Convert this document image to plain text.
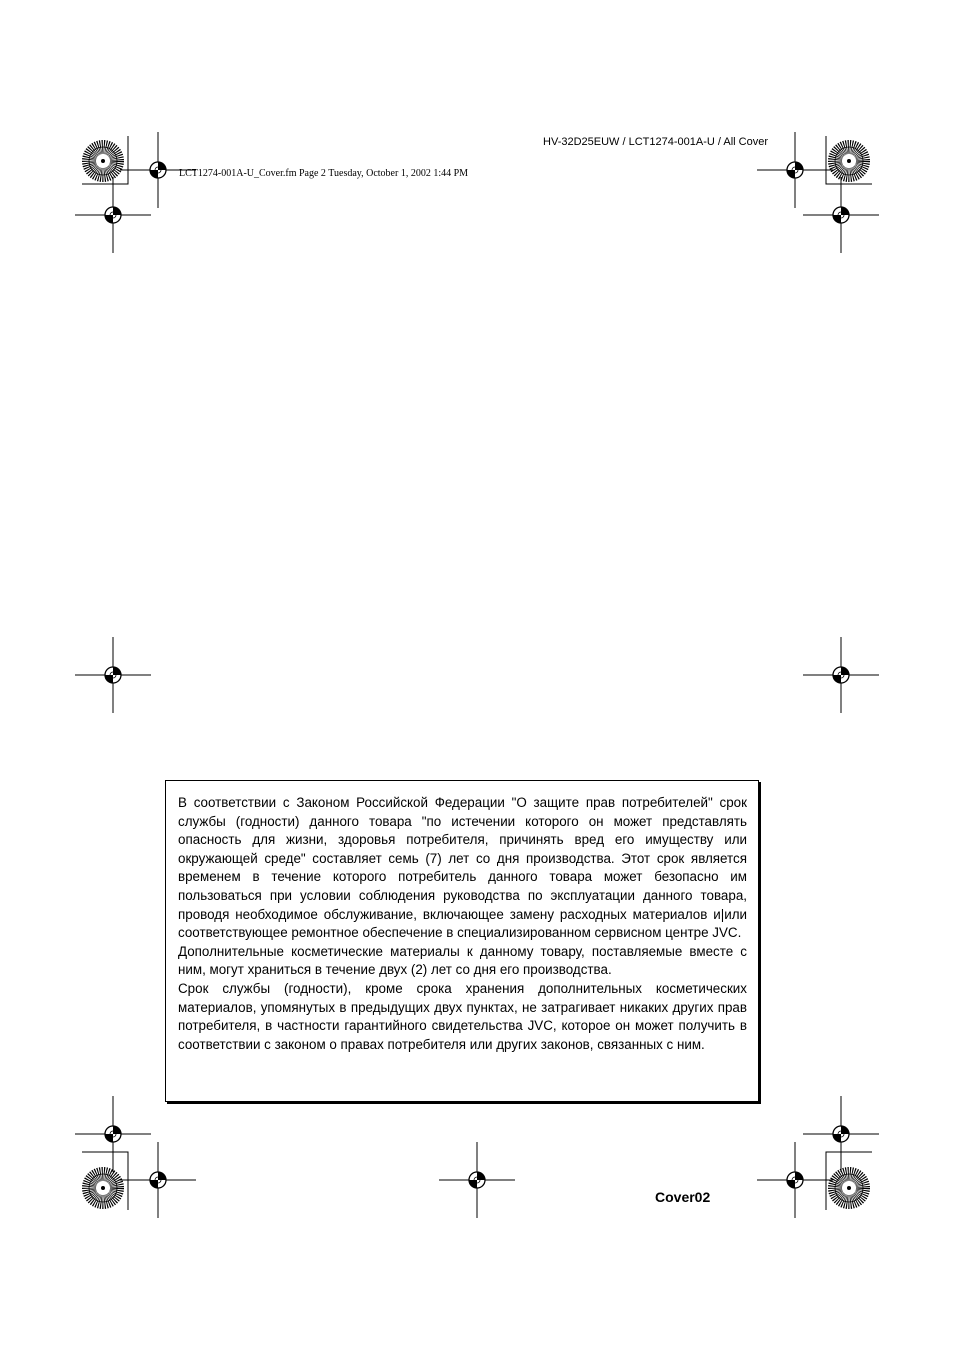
HV-32D25EUW / LCT1274-001A-U / All Cover
LCT1274-001A-U_Cover.fm Page 2 Tuesday, October 1, 2002 1:44 PM

В соответствии с Законом Российской Федерации "О защите прав потребителей" срок службы (годности) данного товара "по истечении которого он может представлять опасность для жизни, здоровья потребителя, причинять вред его имуществу или окружающей среде" составляет семь (7) лет со дня производства. Этот срок является временем в течение которого потребитель данного товара может безопасно им пользоваться при условии соблюдения руководства по эксплуатации данного товара, проводя необходимое обслуживание, включающее замену расходных материалов и|или соответствующее ремонтное обеспечение в специализированном сервисном центре JVC.

Дополнительные косметические материалы к данному товару, поставляемые вместе с ним, могут храниться в течение двух (2) лет со дня его производства.

Срок службы (годности), кроме срока хранения дополнительных косметических материалов, упомянутых в предыдущих двух пунктах, не затрагивает никаких других прав потребителя, в частности гарантийного свидетельства JVC, которое он может получить в соответствии с законом о правах потребителя или других законов, связанных с ним.

Cover02
